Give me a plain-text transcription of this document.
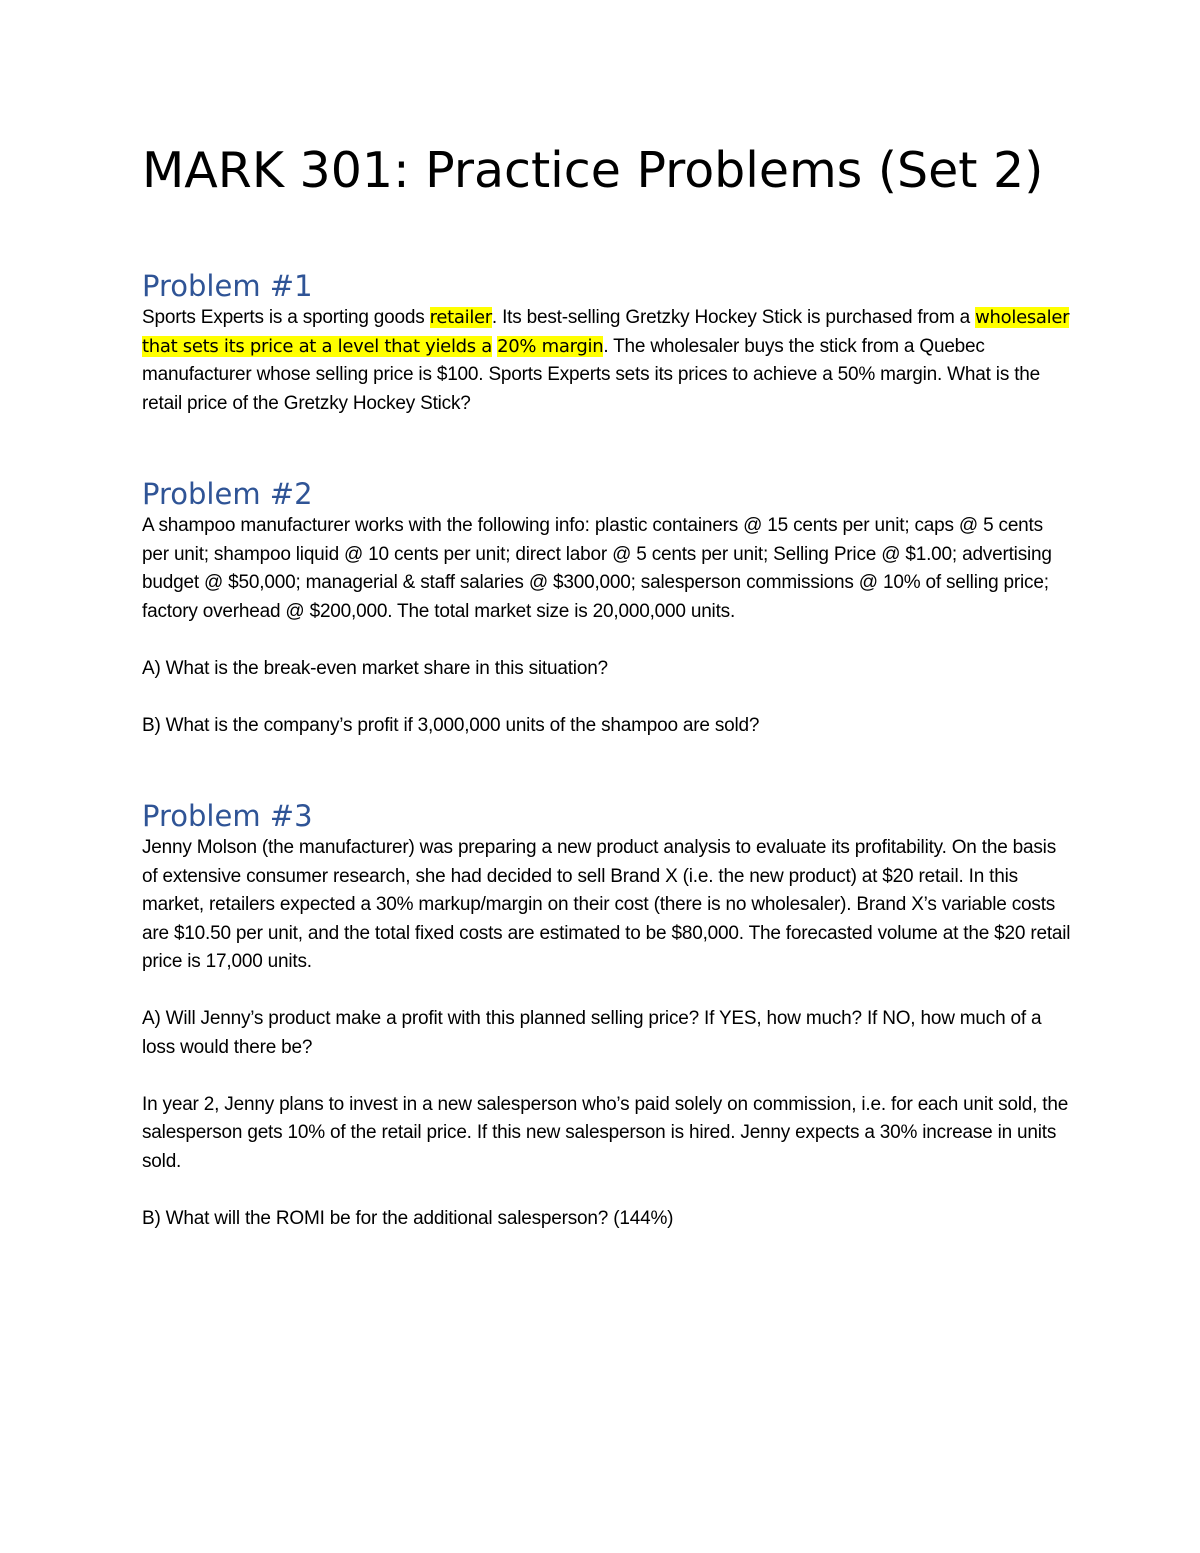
MARK 301: Practice Problems (Set 2)
Problem #1

Sports Experts is a sporting goods retailer. Its best-selling Gretzky Hockey Stick is purchased from a wholesaler that sets its price at a level that yields a 20% margin. The wholesaler buys the stick from a Quebec manufacturer whose selling price is $100. Sports Experts sets its prices to achieve a 50% margin. What is the retail price of the Gretzky Hockey Stick?

Problem #2

A shampoo manufacturer works with the following info: plastic containers @ 15 cents per unit; caps @ 5 cents per unit; shampoo liquid @ 10 cents per unit; direct labor @ 5 cents per unit; Selling Price @ $1.00; advertising budget @ $50,000; managerial & staff salaries @ $300,000; salesperson commissions @ 10% of selling price; factory overhead @ $200,000. The total market size is 20,000,000 units.

A) What is the break-even market share in this situation?

B) What is the company’s profit if 3,000,000 units of the shampoo are sold?

Problem #3

Jenny Molson (the manufacturer) was preparing a new product analysis to evaluate its profitability. On the basis of extensive consumer research, she had decided to sell Brand X (i.e. the new product) at $20 retail. In this market, retailers expected a 30% markup/margin on their cost (there is no wholesaler). Brand X’s variable costs are $10.50 per unit, and the total fixed costs are estimated to be $80,000. The forecasted volume at the $20 retail price is 17,000 units.

A) Will Jenny’s product make a profit with this planned selling price? If YES, how much? If NO, how much of a loss would there be?

In year 2, Jenny plans to invest in a new salesperson who’s paid solely on commission, i.e. for each unit sold, the salesperson gets 10% of the retail price. If this new salesperson is hired. Jenny expects a 30% increase in units sold.

B) What will the ROMI be for the additional salesperson? (144%)
